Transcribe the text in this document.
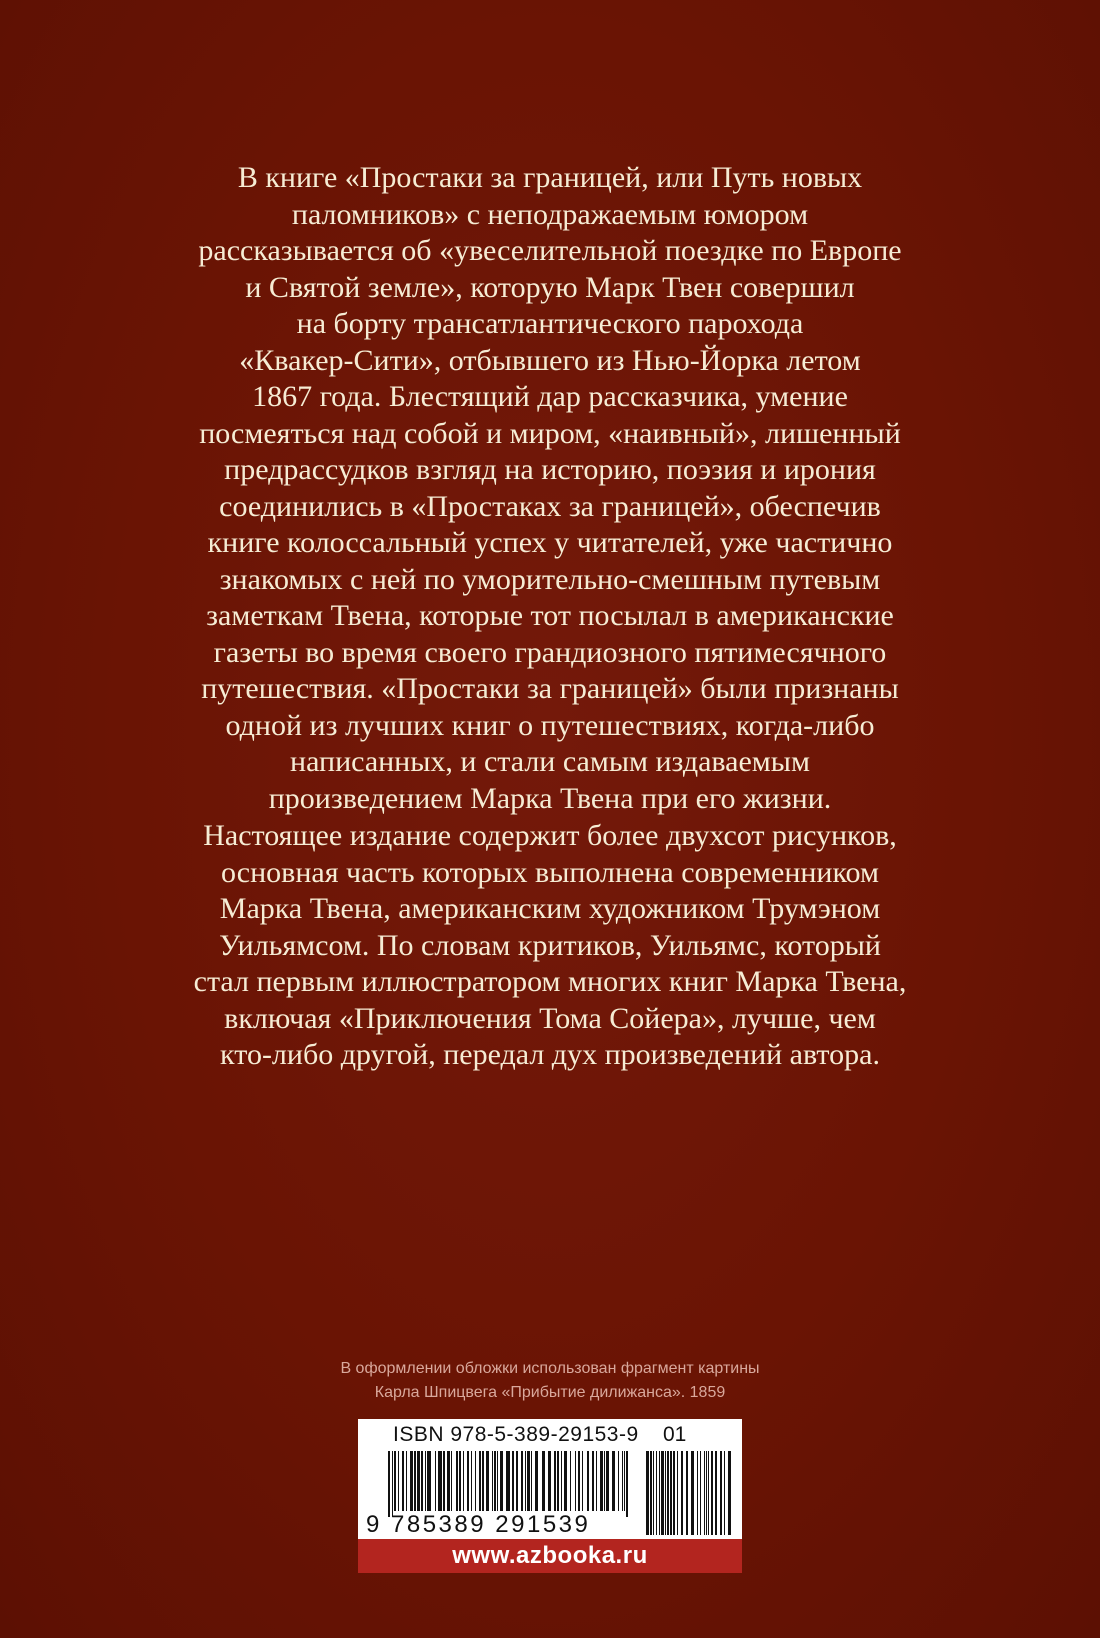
В книге «Простаки за границей, или Путь новых
паломников» с неподражаемым юмором
рассказывается об «увеселительной поездке по Европе
и Святой земле», которую Марк Твен совершил
на борту трансатлантического парохода
«Квакер-Сити», отбывшего из Нью-Йорка летом
1867 года. Блестящий дар рассказчика, умение
посмеяться над собой и миром, «наивный», лишенный
предрассудков взгляд на историю, поэзия и ирония
соединились в «Простаках за границей», обеспечив
книге колоссальный успех у читателей, уже частично
знакомых с ней по уморительно-смешным путевым
заметкам Твена, которые тот посылал в американские
газеты во время своего грандиозного пятимесячного
путешествия. «Простаки за границей» были признаны
одной из лучших книг о путешествиях, когда-либо
написанных, и стали самым издаваемым
произведением Марка Твена при его жизни.
Настоящее издание содержит более двухсот рисунков,
основная часть которых выполнена современником
Марка Твена, американским художником Трумэном
Уильямсом. По словам критиков, Уильямс, который
стал первым иллюстратором многих книг Марка Твена,
включая «Приключения Тома Сойера», лучше, чем
кто-либо другой, передал дух произведений автора.
В оформлении обложки использован фрагмент картины
Карла Шпицвега «Прибытие дилижанса». 1859
ISBN 978-5-389-29153-9 01
9 785389 291539
www.azbooka.ru
